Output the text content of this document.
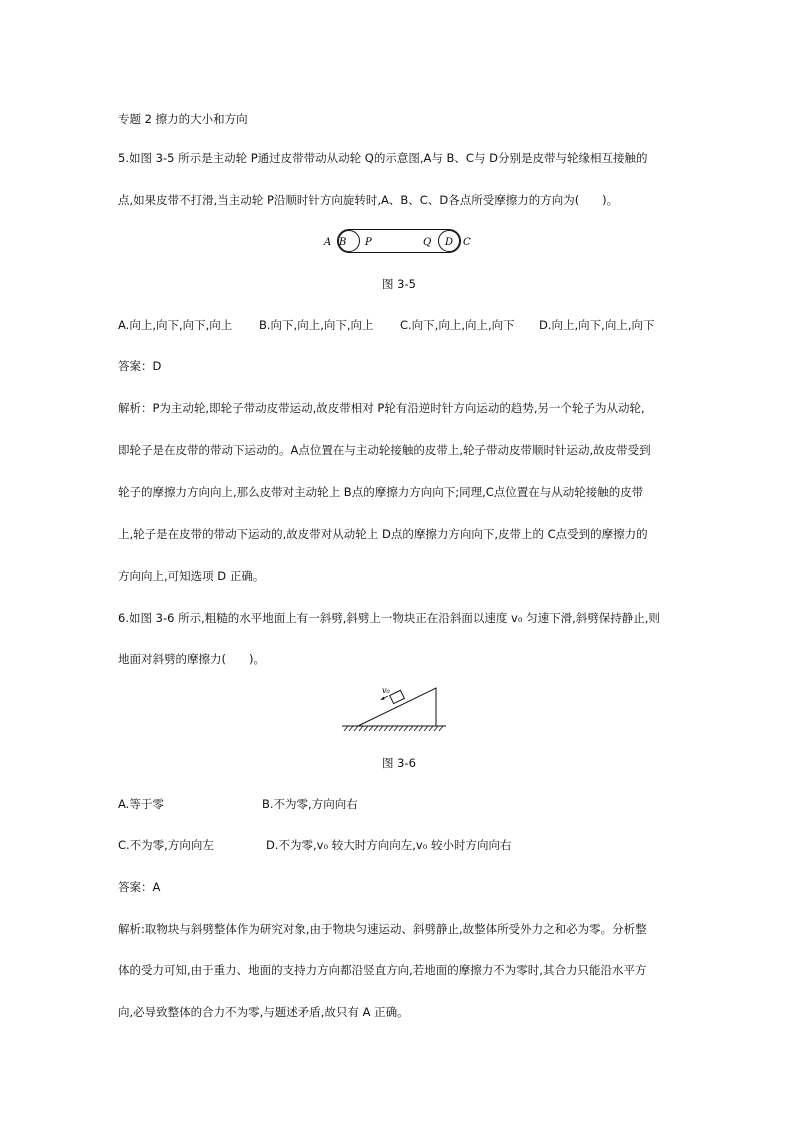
专题 2 擦力的大小和方向
5.如图 3-5 所示是主动轮 P通过皮带带动从动轮 Q的示意图,A与 B、C与 D分别是皮带与轮缘相互接触的
点,如果皮带不打滑,当主动轮 P沿顺时针方向旋转时,A、B、C、D各点所受摩擦力的方向为(　　)。
A B P	Q D C
图 3-5
A.向上,向下,向下,向上 B.向下,向上,向下,向上 C.向下,向上,向上,向下 D.向上,向下,向上,向下
答案：D
解析：P为主动轮,即轮子带动皮带运动,故皮带相对 P轮有沿逆时针方向运动的趋势,另一个轮子为从动轮,
即轮子是在皮带的带动下运动的。A点位置在与主动轮接触的皮带上,轮子带动皮带顺时针运动,故皮带受到
轮子的摩擦力方向向上,那么皮带对主动轮上 B点的摩擦力方向向下;同理,C点位置在与从动轮接触的皮带
上,轮子是在皮带的带动下运动的,故皮带对从动轮上 D点的摩擦力方向向下,皮带上的 C点受到的摩擦力的
方向向上,可知选项 D 正确。
6.如图 3-6 所示,粗糙的水平地面上有一斜劈,斜劈上一物块正在沿斜面以速度 v₀ 匀速下滑,斜劈保持静止,则
地面对斜劈的摩擦力(　　)。
v₀
图 3-6
A.等于零	B.不为零,方向向右
C.不为零,方向向左	D.不为零,v₀ 较大时方向向左,v₀ 较小时方向向右
答案：A
解析:取物块与斜劈整体作为研究对象,由于物块匀速运动、斜劈静止,故整体所受外力之和必为零。分析整
体的受力可知,由于重力、地面的支持力方向都沿竖直方向,若地面的摩擦力不为零时,其合力只能沿水平方
向,必导致整体的合力不为零,与题述矛盾,故只有 A 正确。
